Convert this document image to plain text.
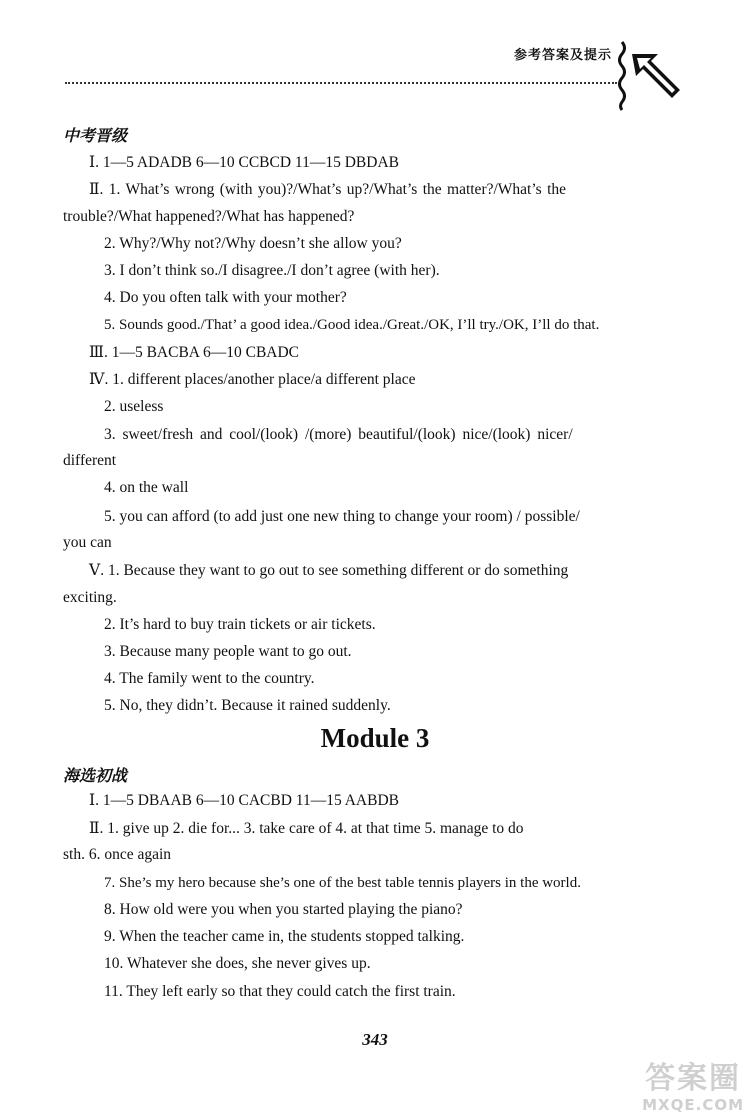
参考答案及提示
中考晋级
Ⅰ. 1—5 ADADB 6—10 CCBCD 11—15 DBDAB
Ⅱ. 1. What’s wrong (with you)?/What’s up?/What’s the matter?/What’s the
trouble?/What happened?/What has happened?
2. Why?/Why not?/Why doesn’t she allow you?
3. I don’t think so./I disagree./I don’t agree (with her).
4. Do you often talk with your mother?
5. Sounds good./That’ a good idea./Good idea./Great./OK, I’ll try./OK, I’ll do that.
Ⅲ. 1—5 BACBA 6—10 CBADC
Ⅳ. 1. different places/another place/a different place
2. useless
3. sweet/fresh and cool/(look) /(more) beautiful/(look) nice/(look) nicer/
different
4. on the wall
5. you can afford (to add just one new thing to change your room) / possible/
you can
Ⅴ. 1. Because they want to go out to see something different or do something
exciting.
2. It’s hard to buy train tickets or air tickets.
3. Because many people want to go out.
4. The family went to the country.
5. No, they didn’t. Because it rained suddenly.
Module 3
海选初战
Ⅰ. 1—5 DBAAB 6—10 CACBD 11—15 AABDB
Ⅱ. 1. give up 2. die for... 3. take care of 4. at that time 5. manage to do
sth. 6. once again
7. She’s my hero because she’s one of the best table tennis players in the world.
8. How old were you when you started playing the piano?
9. When the teacher came in, the students stopped talking.
10. Whatever she does, she never gives up.
11. They left early so that they could catch the first train.
343
答案圈
MXQE.COM
